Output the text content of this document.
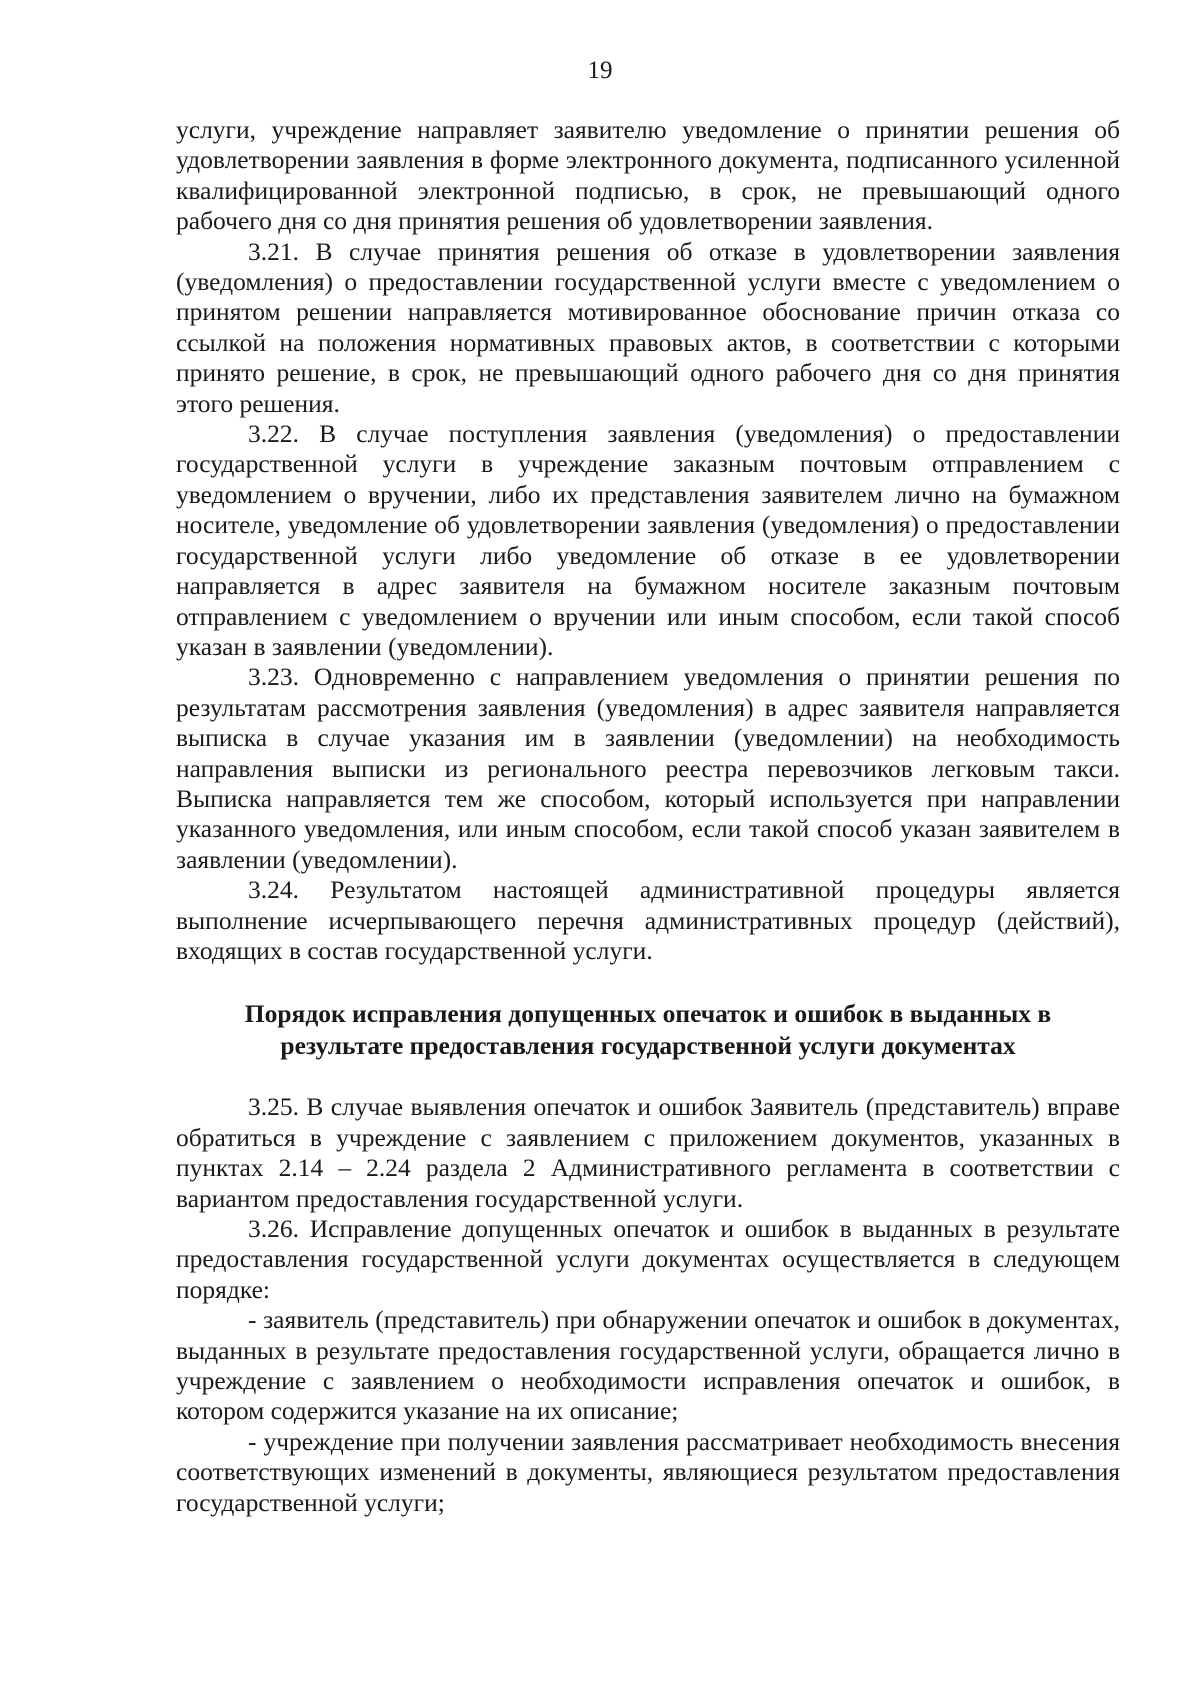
19

услуги, учреждение направляет заявителю уведомление о принятии решения об удовлетворении заявления в форме электронного документа, подписанного усиленной квалифицированной электронной подписью, в срок, не превышающий одного рабочего дня со дня принятия решения об удовлетворении заявления.

3.21. В случае принятия решения об отказе в удовлетворении заявления (уведомления) о предоставлении государственной услуги вместе с уведомлением о принятом решении направляется мотивированное обоснование причин отказа со ссылкой на положения нормативных правовых актов, в соответствии с которыми принято решение, в срок, не превышающий одного рабочего дня со дня принятия этого решения.

3.22. В случае поступления заявления (уведомления) о предоставлении государственной услуги в учреждение заказным почтовым отправлением с уведомлением о вручении, либо их представления заявителем лично на бумажном носителе, уведомление об удовлетворении заявления (уведомления) о предоставлении государственной услуги либо уведомление об отказе в ее удовлетворении направляется в адрес заявителя на бумажном носителе заказным почтовым отправлением с уведомлением о вручении или иным способом, если такой способ указан в заявлении (уведомлении).

3.23. Одновременно с направлением уведомления о принятии решения по результатам рассмотрения заявления (уведомления) в адрес заявителя направляется выписка в случае указания им в заявлении (уведомлении) на необходимость направления выписки из регионального реестра перевозчиков легковым такси. Выписка направляется тем же способом, который используется при направлении указанного уведомления, или иным способом, если такой способ указан заявителем в заявлении (уведомлении).

3.24. Результатом настоящей административной процедуры является выполнение исчерпывающего перечня административных процедур (действий), входящих в состав государственной услуги.

Порядок исправления допущенных опечаток и ошибок в выданных в
результате предоставления государственной услуги документах

3.25. В случае выявления опечаток и ошибок Заявитель (представитель) вправе обратиться в учреждение с заявлением с приложением документов, указанных в пунктах 2.14 – 2.24 раздела 2 Административного регламента в соответствии с вариантом предоставления государственной услуги.

3.26. Исправление допущенных опечаток и ошибок в выданных в результате предоставления государственной услуги документах осуществляется в следующем порядке:

- заявитель (представитель) при обнаружении опечаток и ошибок в документах, выданных в результате предоставления государственной услуги, обращается лично в учреждение с заявлением о необходимости исправления опечаток и ошибок, в котором содержится указание на их описание;

- учреждение при получении заявления рассматривает необходимость внесения соответствующих изменений в документы, являющиеся результатом предоставления государственной услуги;
